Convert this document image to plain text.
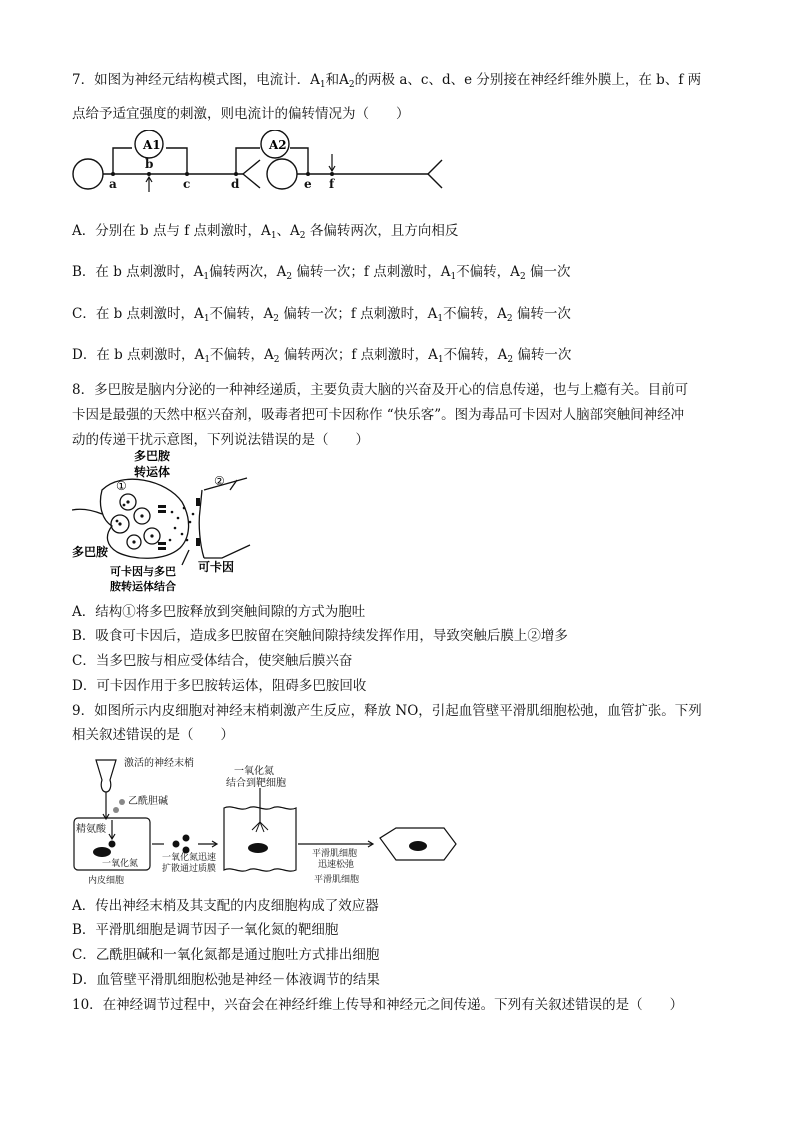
7．如图为神经元结构模式图，电流计．$A_1$和$A_2$的两极 a、c、d、e 分别接在神经纤维外膜上，在 b、f 两
点给予适宜强度的刺激，则电流计的偏转情况为（　　）
A1	A2
a
b
c	d	e f
A．分别在 b 点与 f 点刺激时，$A_1$、$A_2$ 各偏转两次，且方向相反
B．在 b 点刺激时，$A_1$偏转两次，$A_2$ 偏转一次；f 点刺激时，$A_1$不偏转，$A_2$ 偏一次
C．在 b 点刺激时，$A_1$不偏转，$A_2$ 偏转一次；f 点刺激时，$A_1$不偏转，$A_2$ 偏转一次
D．在 b 点刺激时，$A_1$不偏转，$A_2$ 偏转两次；f 点刺激时，$A_1$不偏转，$A_2$ 偏转一次
8．多巴胺是脑内分泌的一种神经递质，主要负责大脑的兴奋及开心的信息传递，也与上瘾有关。目前可
卡因是最强的天然中枢兴奋剂，吸毒者把可卡因称作 “快乐客”。图为毒品可卡因对人脑部突触间神经冲
动的传递干扰示意图，下列说法错误的是（　　）
多巴胺
转运体
①	②
多巴胺
可卡因与多巴
胺转运体结合
可卡因
A．结构①将多巴胺释放到突触间隙的方式为胞吐
B．吸食可卡因后，造成多巴胺留在突触间隙持续发挥作用，导致突触后膜上②增多
C．当多巴胺与相应受体结合，使突触后膜兴奋
D．可卡因作用于多巴胺转运体，阻碍多巴胺回收
9．如图所示内皮细胞对神经末梢刺激产生反应，释放 NO，引起血管壁平滑肌细胞松弛，血管扩张。下列
相关叙述错误的是（　　）
激活的神经末梢
乙酰胆碱
一氧化氮
结合到靶细胞
精氨酸
一氧化氮
一氧化氮迅速
扩散通过质膜
平滑肌细胞
迅速松弛
内皮细胞	平滑肌细胞
A．传出神经末梢及其支配的内皮细胞构成了效应器
B．平滑肌细胞是调节因子一氧化氮的靶细胞
C．乙酰胆碱和一氧化氮都是通过胞吐方式排出细胞
D．血管壁平滑肌细胞松弛是神经－体液调节的结果
10．在神经调节过程中，兴奋会在神经纤维上传导和神经元之间传递。下列有关叙述错误的是（　　）
